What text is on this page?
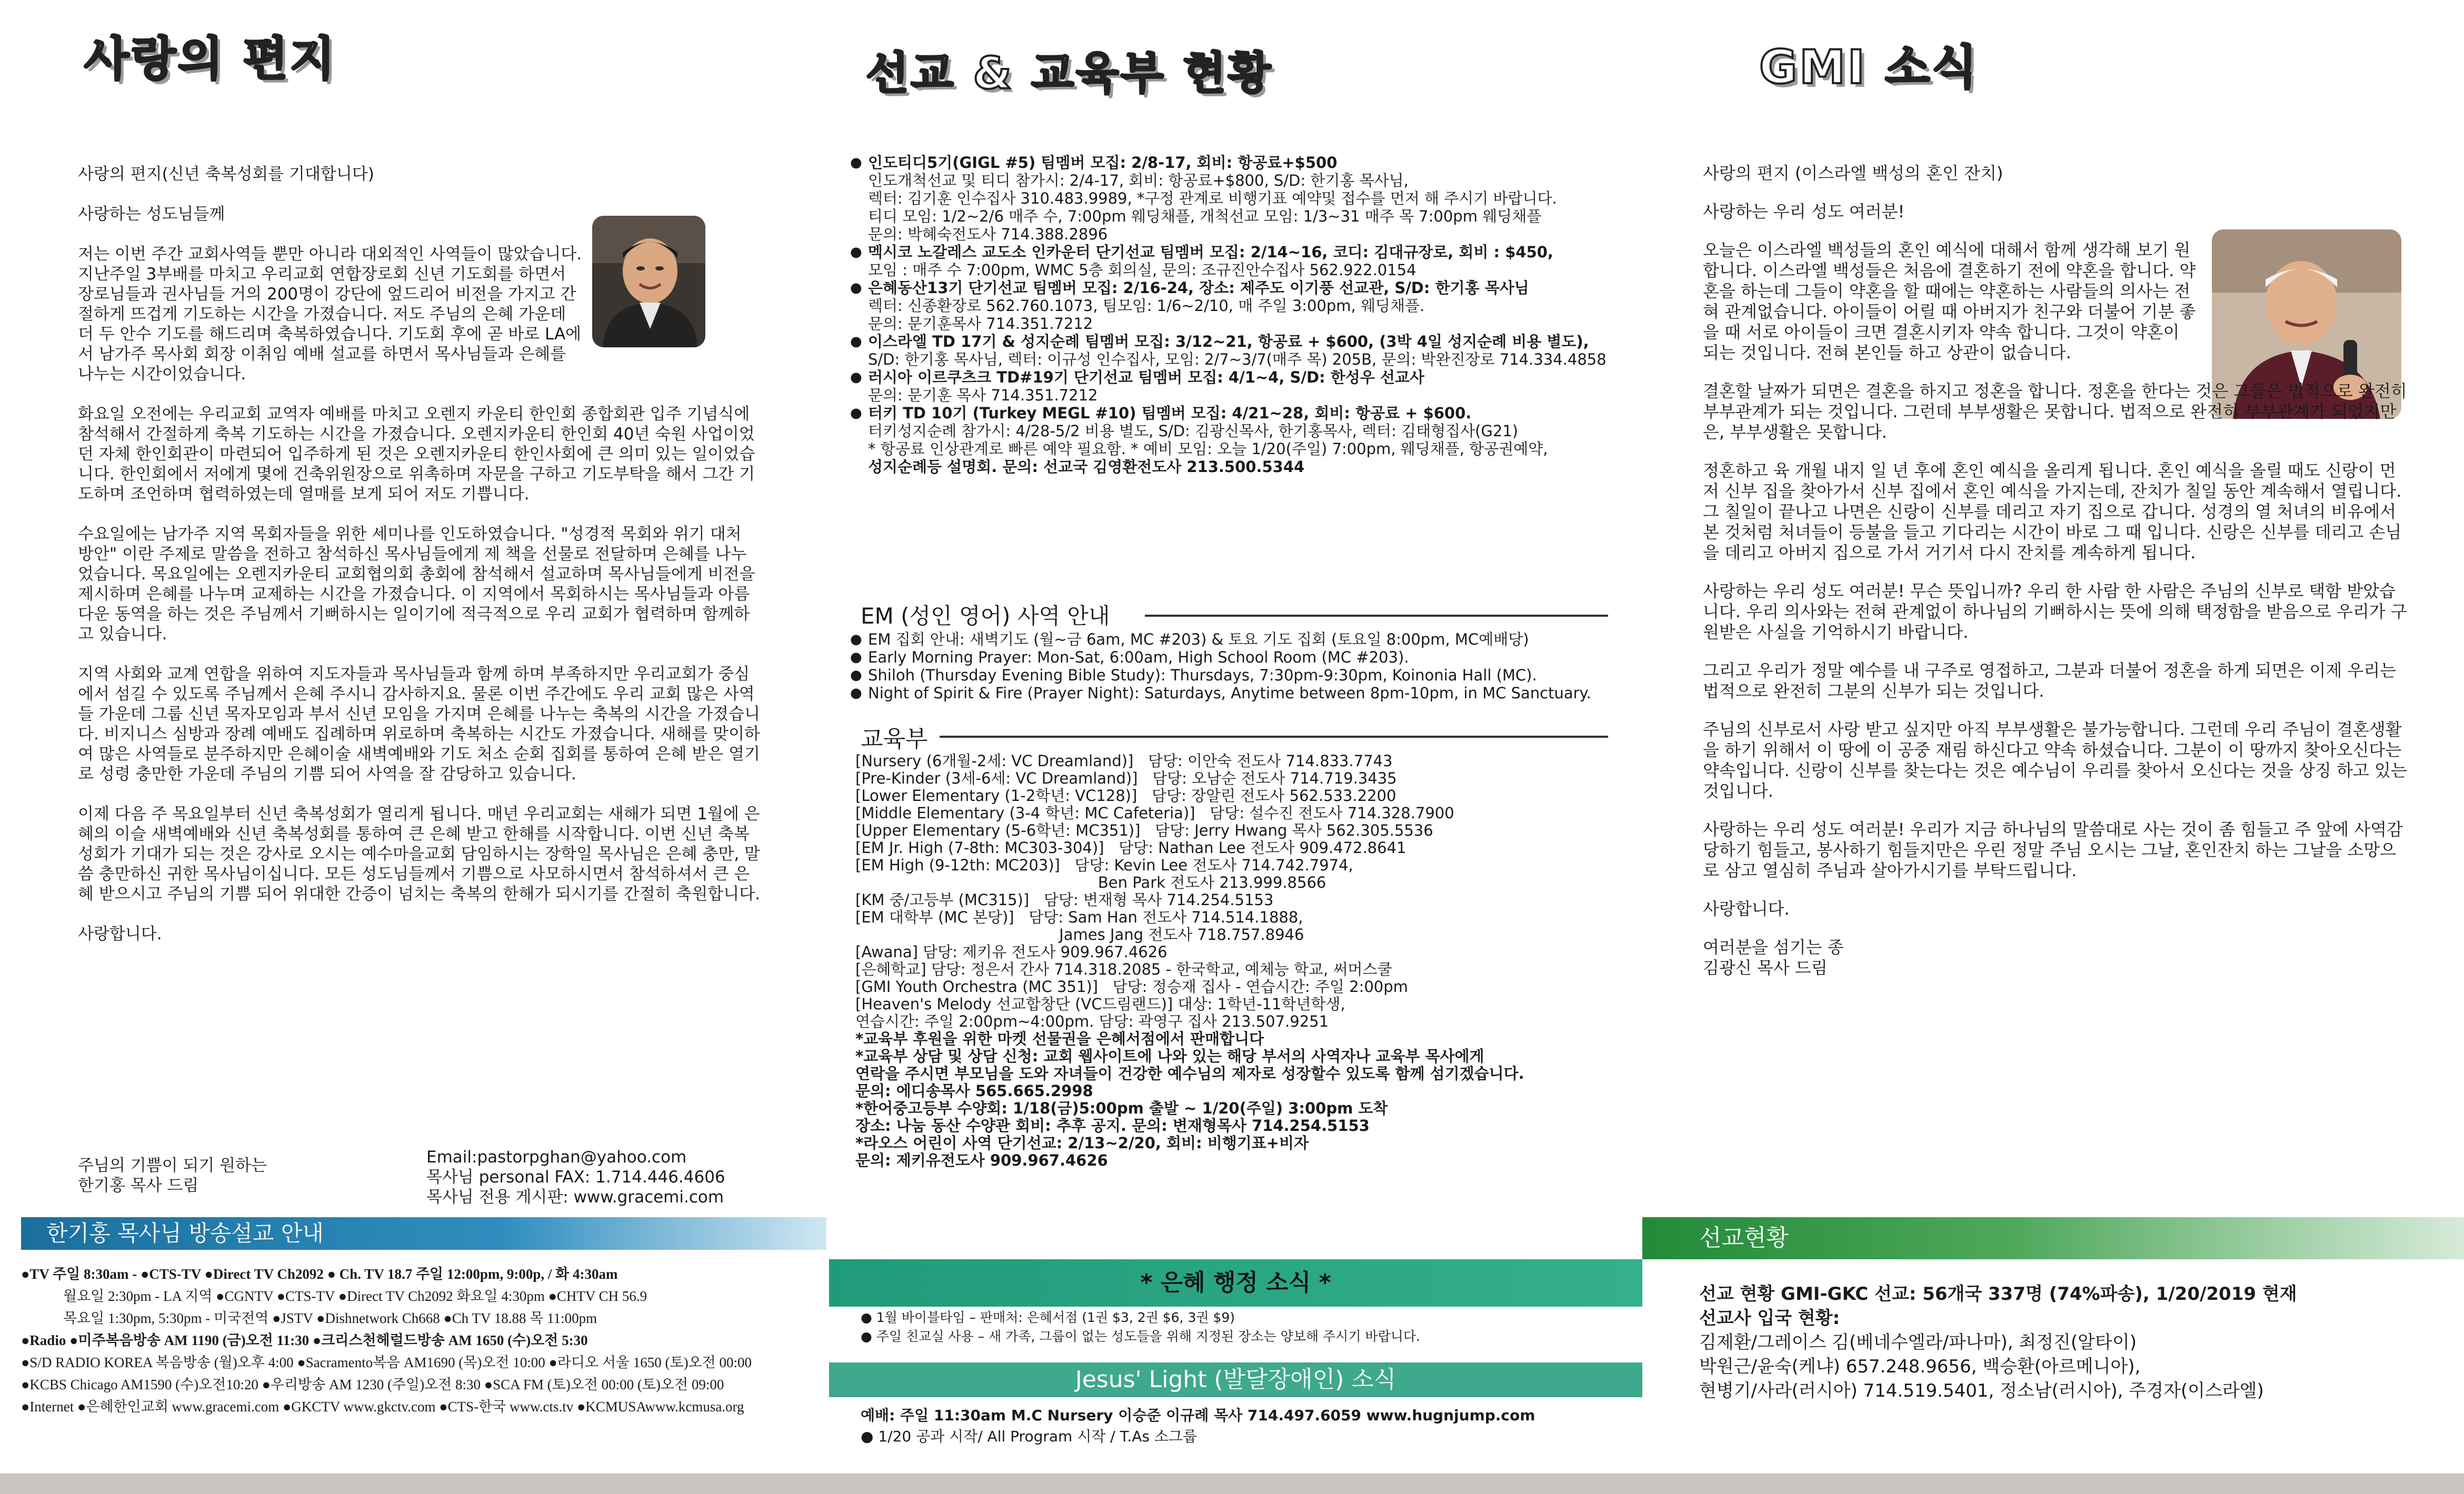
사랑의 편지

사랑의 편지(신년 축복성회를 기대합니다)

사랑하는 성도님들께

저는 이번 주간 교회사역들 뿐만 아니라 대외적인 사역들이 많았습니다. 지난주일 3부배를 마치고 우리교회 연합장로회 신년 기도회를 하면서 장로님들과 권사님들 거의 200명이 강단에 엎드리어 비전을 가지고 간절하게 뜨겁게 기도하는 시간을 가졌습니다. 저도 주님의 은혜 가운데 더 두 안수 기도를 해드리며 축복하였습니다. 기도회 후에 곧 바로 LA에서 남가주 목사회 회장 이취임 예배 설교를 하면서 목사님들과 은혜를 나누는 시간이었습니다.

화요일 오전에는 우리교회 교역자 예배를 마치고 오렌지 카운티 한인회 종합회관 입주 기념식에 참석해서 간절하게 축복 기도하는 시간을 가졌습니다. 오렌지카운티 한인회 40년 숙원 사업이었던 자체 한인회관이 마련되어 입주하게 된 것은 오렌지카운티 한인사회에 큰 의미 있는 일이었습니다. 한인회에서 저에게 몇에 건축위원장으로 위촉하며 자문을 구하고 기도부탁을 해서 그간 기도하며 조언하며 협력하였는데 열매를 보게 되어 저도 기쁩니다.

수요일에는 남가주 지역 목회자들을 위한 세미나를 인도하였습니다. "성경적 목회와 위기 대처 방안" 이란 주제로 말씀을 전하고 참석하신 목사님들에게 제 책을 선물로 전달하며 은혜를 나누었습니다. 목요일에는 오렌지카운티 교회협의회 총회에 참석해서 설교하며 목사님들에게 비전을 제시하며 은혜를 나누며 교제하는 시간을 가졌습니다. 이 지역에서 목회하시는 목사님들과 아름다운 동역을 하는 것은 주님께서 기뻐하시는 일이기에 적극적으로 우리 교회가 협력하며 함께하고 있습니다.

지역 사회와 교계 연합을 위하여 지도자들과 목사님들과 함께 하며 부족하지만 우리교회가 중심에서 섬길 수 있도록 주님께서 은혜 주시니 감사하지요. 물론 이번 주간에도 우리 교회 많은 사역들 가운데 그룹 신년 목자모임과 부서 신년 모임을 가지며 은혜를 나누는 축복의 시간을 가졌습니다. 비지니스 심방과 장례 예배도 집례하며 위로하며 축복하는 시간도 가졌습니다. 새해를 맞이하여 많은 사역들로 분주하지만 은혜이술 새벽예배와 기도 처소 순회 집회를 통하여 은혜 받은 열기로 성령 충만한 가운데 주님의 기쁨 되어 사역을 잘 감당하고 있습니다.

이제 다음 주 목요일부터 신년 축복성회가 열리게 됩니다. 매년 우리교회는 새해가 되면 1월에 은혜의 이슬 새벽예배와 신년 축복성회를 통하여 큰 은혜 받고 한해를 시작합니다. 이번 신년 축복성회가 기대가 되는 것은 강사로 오시는 예수마을교회 담임하시는 장학일 목사님은 은혜 충만, 말씀 충만하신 귀한 목사님이십니다. 모든 성도님들께서 기쁨으로 사모하시면서 참석하셔서 큰 은혜 받으시고 주님의 기쁨 되어 위대한 간증이 넘치는 축복의 한해가 되시기를 간절히 축원합니다.

사랑합니다.

주님의 기쁨이 되기 원하는
한기홍 목사 드림
Email:pastorpghan@yahoo.com
목사님 personal FAX: 1.714.446.4606
목사님 전용 게시판: www.gracemi.com
한기홍 목사님 방송설교 안내
●TV 주일 8:30am - ●CTS-TV ●Direct TV Ch2092 ● Ch. TV 18.7 주일 12:00pm, 9:00p, / 화 4:30am
월요일 2:30pm - LA 지역 ●CGNTV ●CTS-TV ●Direct TV Ch2092 화요일 4:30pm ●CHTV CH 56.9
목요일 1:30pm, 5:30pm - 미국전역 ●JSTV ●Dishnetwork Ch668 ●Ch TV 18.88 목 11:00pm
●Radio ●미주복음방송 AM 1190 (금)오전 11:30 ●크리스천헤럴드방송 AM 1650 (수)오전 5:30
●S/D RADIO KOREA 복음방송 (월)오후 4:00 ●Sacramento복음 AM1690 (목)오전 10:00 ●라디오 서울 1650 (토)오전 00:00
●KCBS Chicago AM1590 (수)오전10:20 ●우리방송 AM 1230 (주일)오전 8:30 ●SCA FM (토)오전 00:00 (토)오전 09:00
●Internet ●은혜한인교회 www.gracemi.com ●GKCTV www.gkctv.com ●CTS-한국 www.cts.tv ●KCMUSAwww.kcmusa.org
선교 & 교육부 현황
● 인도티디5기(GIGL #5) 팀멤버 모집: 2/8-17, 회비: 항공료+$500
인도개척선교 및 티디 참가시: 2/4-17, 회비: 항공료+$800, S/D: 한기홍 목사님,
렉터: 김기훈 인수집사 310.483.9989, *구정 관계로 비행기표 예약및 접수를 먼저 해 주시기 바랍니다.
티디 모임: 1/2~2/6 매주 수, 7:00pm 웨딩채플, 개척선교 모임: 1/3~31 매주 목 7:00pm 웨딩채플
문의: 박혜숙전도사 714.388.2896
● 멕시코 노갈레스 교도소 인카운터 단기선교 팀멤버 모집: 2/14~16, 코디: 김대규장로, 회비 : $450,
모임 : 매주 수 7:00pm, WMC 5층 회의실, 문의: 조규진안수집사 562.922.0154
● 은혜동산13기 단기선교 팀멤버 모집: 2/16-24, 장소: 제주도 이기풍 선교관, S/D: 한기홍 목사님
렉터: 신종환장로 562.760.1073, 팀모임: 1/6~2/10, 매 주일 3:00pm, 웨딩채플.
문의: 문기훈목사 714.351.7212
● 이스라엘 TD 17기 & 성지순례 팀멤버 모집: 3/12~21, 항공료 + $600, (3박 4일 성지순례 비용 별도),
S/D: 한기홍 목사님, 렉터: 이규성 인수집사, 모임: 2/7~3/7(매주 목) 205B, 문의: 박완진장로 714.334.4858
● 러시아 이르쿠츠크 TD#19기 단기선교 팀멤버 모집: 4/1~4, S/D: 한성우 선교사
문의: 문기훈 목사 714.351.7212
● 터키 TD 10기 (Turkey MEGL #10) 팀멤버 모집: 4/21~28, 회비: 항공료 + $600.
터키성지순례 참가시: 4/28-5/2 비용 별도, S/D: 김광신목사, 한기홍목사, 렉터: 김태형집사(G21)
* 항공료 인상관계로 빠른 예약 필요함. * 예비 모임: 오늘 1/20(주일) 7:00pm, 웨딩채플, 항공권예약,
성지순례등 설명회. 문의: 선교국 김영환전도사 213.500.5344
EM (성인 영어) 사역 안내
● EM 집회 안내: 새벽기도 (월~금 6am, MC #203) & 토요 기도 집회 (토요일 8:00pm, MC예배당)
● Early Morning Prayer: Mon-Sat, 6:00am, High School Room (MC #203).
● Shiloh (Thursday Evening Bible Study): Thursdays, 7:30pm-9:30pm, Koinonia Hall (MC).
● Night of Spirit & Fire (Prayer Night): Saturdays, Anytime between 8pm-10pm, in MC Sanctuary.
교육부
[Nursery (6개월-2세: VC Dreamland)]   담당: 이안숙 전도사 714.833.7743
[Pre-Kinder (3세-6세: VC Dreamland)]   담당: 오남순 전도사 714.719.3435
[Lower Elementary (1-2학년: VC128)]   담당: 장알린 전도사 562.533.2200
[Middle Elementary (3-4 학년: MC Cafeteria)]   담당: 설수진 전도사 714.328.7900
[Upper Elementary (5-6학년: MC351)]   담당: Jerry Hwang 목사 562.305.5536
[EM Jr. High (7-8th: MC303-304)]   담당: Nathan Lee 전도사 909.472.8641
[EM High (9-12th: MC203)]   담당: Kevin Lee 전도사 714.742.7974,
Ben Park 전도사 213.999.8566
[KM 중/고등부 (MC315)]   담당: 변재형 목사 714.254.5153
[EM 대학부 (MC 본당)]   담당: Sam Han 전도사 714.514.1888,
James Jang 전도사 718.757.8946
[Awana] 담당: 제키유 전도사 909.967.4626
[은혜학교] 담당: 정은서 간사 714.318.2085 - 한국학교, 예체능 학교, 써머스쿨
[GMI Youth Orchestra (MC 351)]   담당: 정승재 집사 - 연습시간: 주일 2:00pm
[Heaven's Melody 선교합창단 (VC드림랜드)] 대상: 1학년-11학년학생,
연습시간: 주일 2:00pm~4:00pm. 담당: 곽영구 집사 213.507.9251
*교육부 후원을 위한 마켓 선물권을 은혜서점에서 판매합니다
*교육부 상담 및 상담 신청: 교회 웹사이트에 나와 있는 해당 부서의 사역자나 교육부 목사에게
연락을 주시면 부모님을 도와 자녀들이 건강한 예수님의 제자로 성장할수 있도록 함께 섬기겠습니다.
문의: 에디송목사 565.665.2998
*한어중고등부 수양회: 1/18(금)5:00pm 출발 ~ 1/20(주일) 3:00pm 도착
장소: 나눔 동산 수양관 회비: 추후 공지. 문의: 변재형목사 714.254.5153
*라오스 어린이 사역 단기선교: 2/13~2/20, 회비: 비행기표+비자
문의: 제키유전도사 909.967.4626
* 은혜 행정 소식 *
● 1월 바이블타임 – 판매처: 은혜서점 (1권 $3, 2권 $6, 3권 $9)
● 주일 친교실 사용 – 새 가족, 그룹이 없는 성도들을 위해 지정된 장소는 양보해 주시기 바랍니다.
Jesus' Light (발달장애인) 소식
예배: 주일 11:30am M.C Nursery 이승준 이규례 목사 714.497.6059 www.hugnjump.com
● 1/20 공과 시작/ All Program 시작 / T.As 소그룹
GMI 소식

사랑의 편지 (이스라엘 백성의 혼인 잔치)

사랑하는 우리 성도 여러분!

오늘은 이스라엘 백성들의 혼인 예식에 대해서 함께 생각해 보기 원합니다. 이스라엘 백성들은 처음에 결혼하기 전에 약혼을 합니다. 약혼을 하는데 그들이 약혼을 할 때에는 약혼하는 사람들의 의사는 전혀 관계없습니다. 아이들이 어릴 때 아버지가 친구와 더불어 기분 좋을 때 서로 아이들이 크면 결혼시키자 약속 합니다. 그것이 약혼이 되는 것입니다. 전혀 본인들 하고 상관이 없습니다.

결혼할 날짜가 되면은 결혼을 하지고 정혼을 합니다. 정혼을 한다는 것은 그들은 법적으로 완전히 부부관계가 되는 것입니다. 그런데 부부생활은 못합니다. 법적으로 완전히 부부관계가 되었지만은, 부부생활은 못합니다.

정혼하고 육 개월 내지 일 년 후에 혼인 예식을 올리게 됩니다. 혼인 예식을 올릴 때도 신랑이 먼저 신부 집을 찾아가서 신부 집에서 혼인 예식을 가지는데, 잔치가 칠일 동안 계속해서 열립니다. 그 칠일이 끝나고 나면은 신랑이 신부를 데리고 자기 집으로 갑니다. 성경의 열 처녀의 비유에서 본 것처럼 처녀들이 등불을 들고 기다리는 시간이 바로 그 때 입니다. 신랑은 신부를 데리고 손님을 데리고 아버지 집으로 가서 거기서 다시 잔치를 계속하게 됩니다.

사랑하는 우리 성도 여러분! 무슨 뜻입니까? 우리 한 사람 한 사람은 주님의 신부로 택함 받았습니다. 우리 의사와는 전혀 관계없이 하나님의 기뻐하시는 뜻에 의해 택정함을 받음으로 우리가 구원받은 사실을 기억하시기 바랍니다.

그리고 우리가 정말 예수를 내 구주로 영접하고, 그분과 더불어 정혼을 하게 되면은 이제 우리는 법적으로 완전히 그분의 신부가 되는 것입니다.

주님의 신부로서 사랑 받고 싶지만 아직 부부생활은 불가능합니다. 그런데 우리 주님이 결혼생활을 하기 위해서 이 땅에 이 공중 재림 하신다고 약속 하셨습니다. 그분이 이 땅까지 찾아오신다는 약속입니다. 신랑이 신부를 찾는다는 것은 예수님이 우리를 찾아서 오신다는 것을 상징 하고 있는 것입니다.

사랑하는 우리 성도 여러분! 우리가 지금 하나님의 말씀대로 사는 것이 좀 힘들고 주 앞에 사역감당하기 힘들고, 봉사하기 힘들지만은 우린 정말 주님 오시는 그날, 혼인잔치 하는 그날을 소망으로 삼고 열심히 주님과 살아가시기를 부탁드립니다.

사랑합니다.

여러분을 섬기는 종
김광신 목사 드림
선교현황
선교 현황 GMI-GKC 선교: 56개국 337명 (74%파송), 1/20/2019 현재
선교사 입국 현황:
김제환/그레이스 김(베네수엘라/파나마), 최정진(알타이)
박원근/윤숙(케냐) 657.248.9656, 백승환(아르메니아),
현병기/사라(러시아) 714.519.5401, 정소남(러시아), 주경자(이스라엘)
